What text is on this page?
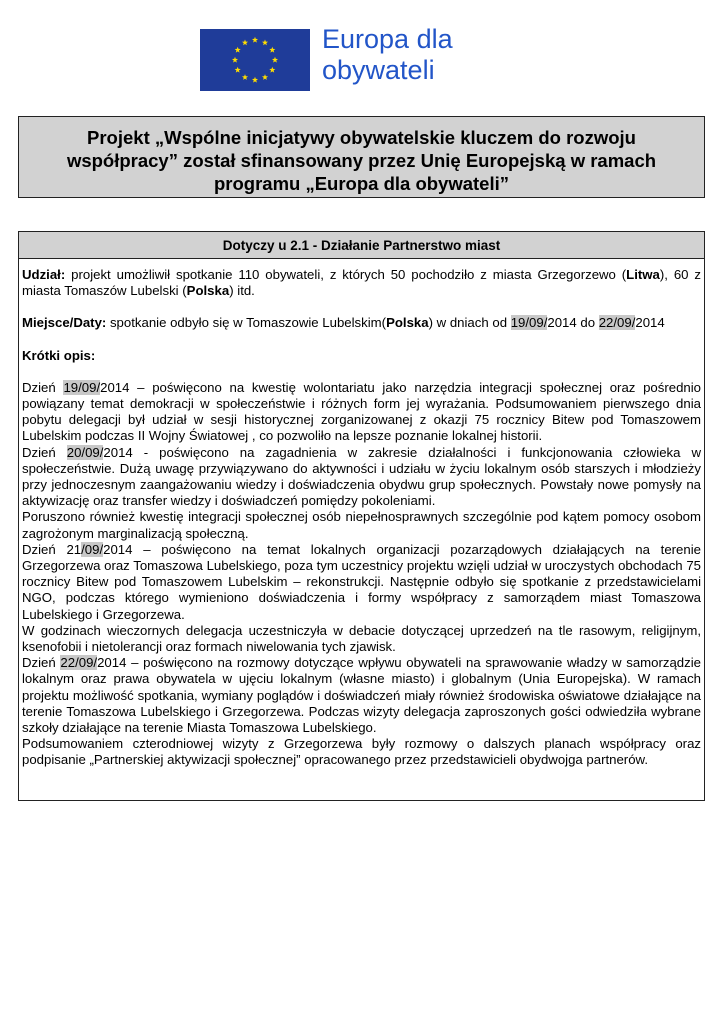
Europa dla
obywateli
Projekt „Wspólne inicjatywy obywatelskie kluczem do rozwoju współpracy” został sfinansowany przez Unię Europejską w ramach programu „Europa dla obywateli”
Dotyczy u 2.1 - Działanie Partnerstwo miast

Udział: projekt umożliwił spotkanie 110 obywateli, z których 50 pochodziło z miasta Grzegorzewo (Litwa), 60 z miasta Tomaszów Lubelski (Polska) itd.

Miejsce/Daty: spotkanie odbyło się w Tomaszowie Lubelskim(Polska) w dniach od 19/09/2014 do 22/09/2014

Krótki opis:

Dzień 19/09/2014 – poświęcono na kwestię wolontariatu jako narzędzia integracji społecznej oraz pośrednio powiązany temat demokracji w społeczeństwie i różnych form jej wyrażania. Podsumowaniem pierwszego dnia pobytu delegacji był udział w sesji historycznej zorganizowanej z okazji 75 rocznicy Bitew pod Tomaszowem Lubelskim podczas II Wojny Światowej , co pozwoliło na lepsze poznanie lokalnej historii.

Dzień 20/09/2014 - poświęcono na zagadnienia w zakresie działalności i funkcjonowania człowieka w społeczeństwie. Dużą uwagę przywiązywano do aktywności i udziału w życiu lokalnym osób starszych i młodzieży przy jednoczesnym zaangażowaniu wiedzy i doświadczenia obydwu grup społecznych. Powstały nowe pomysły na aktywizację oraz transfer wiedzy i doświadczeń pomiędzy pokoleniami.

Poruszono również kwestię integracji społecznej osób niepełnosprawnych szczególnie pod kątem pomocy osobom zagrożonym marginalizacją społeczną.

Dzień 21/09/2014 – poświęcono na temat lokalnych organizacji pozarządowych działających na terenie Grzegorzewa oraz Tomaszowa Lubelskiego, poza tym uczestnicy projektu wzięli udział w uroczystych obchodach 75 rocznicy Bitew pod Tomaszowem Lubelskim – rekonstrukcji. Następnie odbyło się spotkanie z przedstawicielami NGO, podczas którego wymieniono doświadczenia i formy współpracy z samorządem miast Tomaszowa Lubelskiego i Grzegorzewa.

W godzinach wieczornych delegacja uczestniczyła w debacie dotyczącej uprzedzeń na tle rasowym, religijnym, ksenofobii i nietolerancji oraz formach niwelowania tych zjawisk.

Dzień 22/09/2014 – poświęcono na rozmowy dotyczące wpływu obywateli na sprawowanie władzy w samorządzie lokalnym oraz prawa obywatela w ujęciu lokalnym (własne miasto) i globalnym (Unia Europejska). W ramach projektu możliwość spotkania, wymiany poglądów i doświadczeń miały również środowiska oświatowe działające na terenie Tomaszowa Lubelskiego i Grzegorzewa. Podczas wizyty delegacja zaproszonych gości odwiedziła wybrane szkoły działające na terenie Miasta Tomaszowa Lubelskiego.

Podsumowaniem czterodniowej wizyty z Grzegorzewa były rozmowy o dalszych planach współpracy oraz podpisanie „Partnerskiej aktywizacji społecznej” opracowanego przez przedstawicieli obydwojga partnerów.
